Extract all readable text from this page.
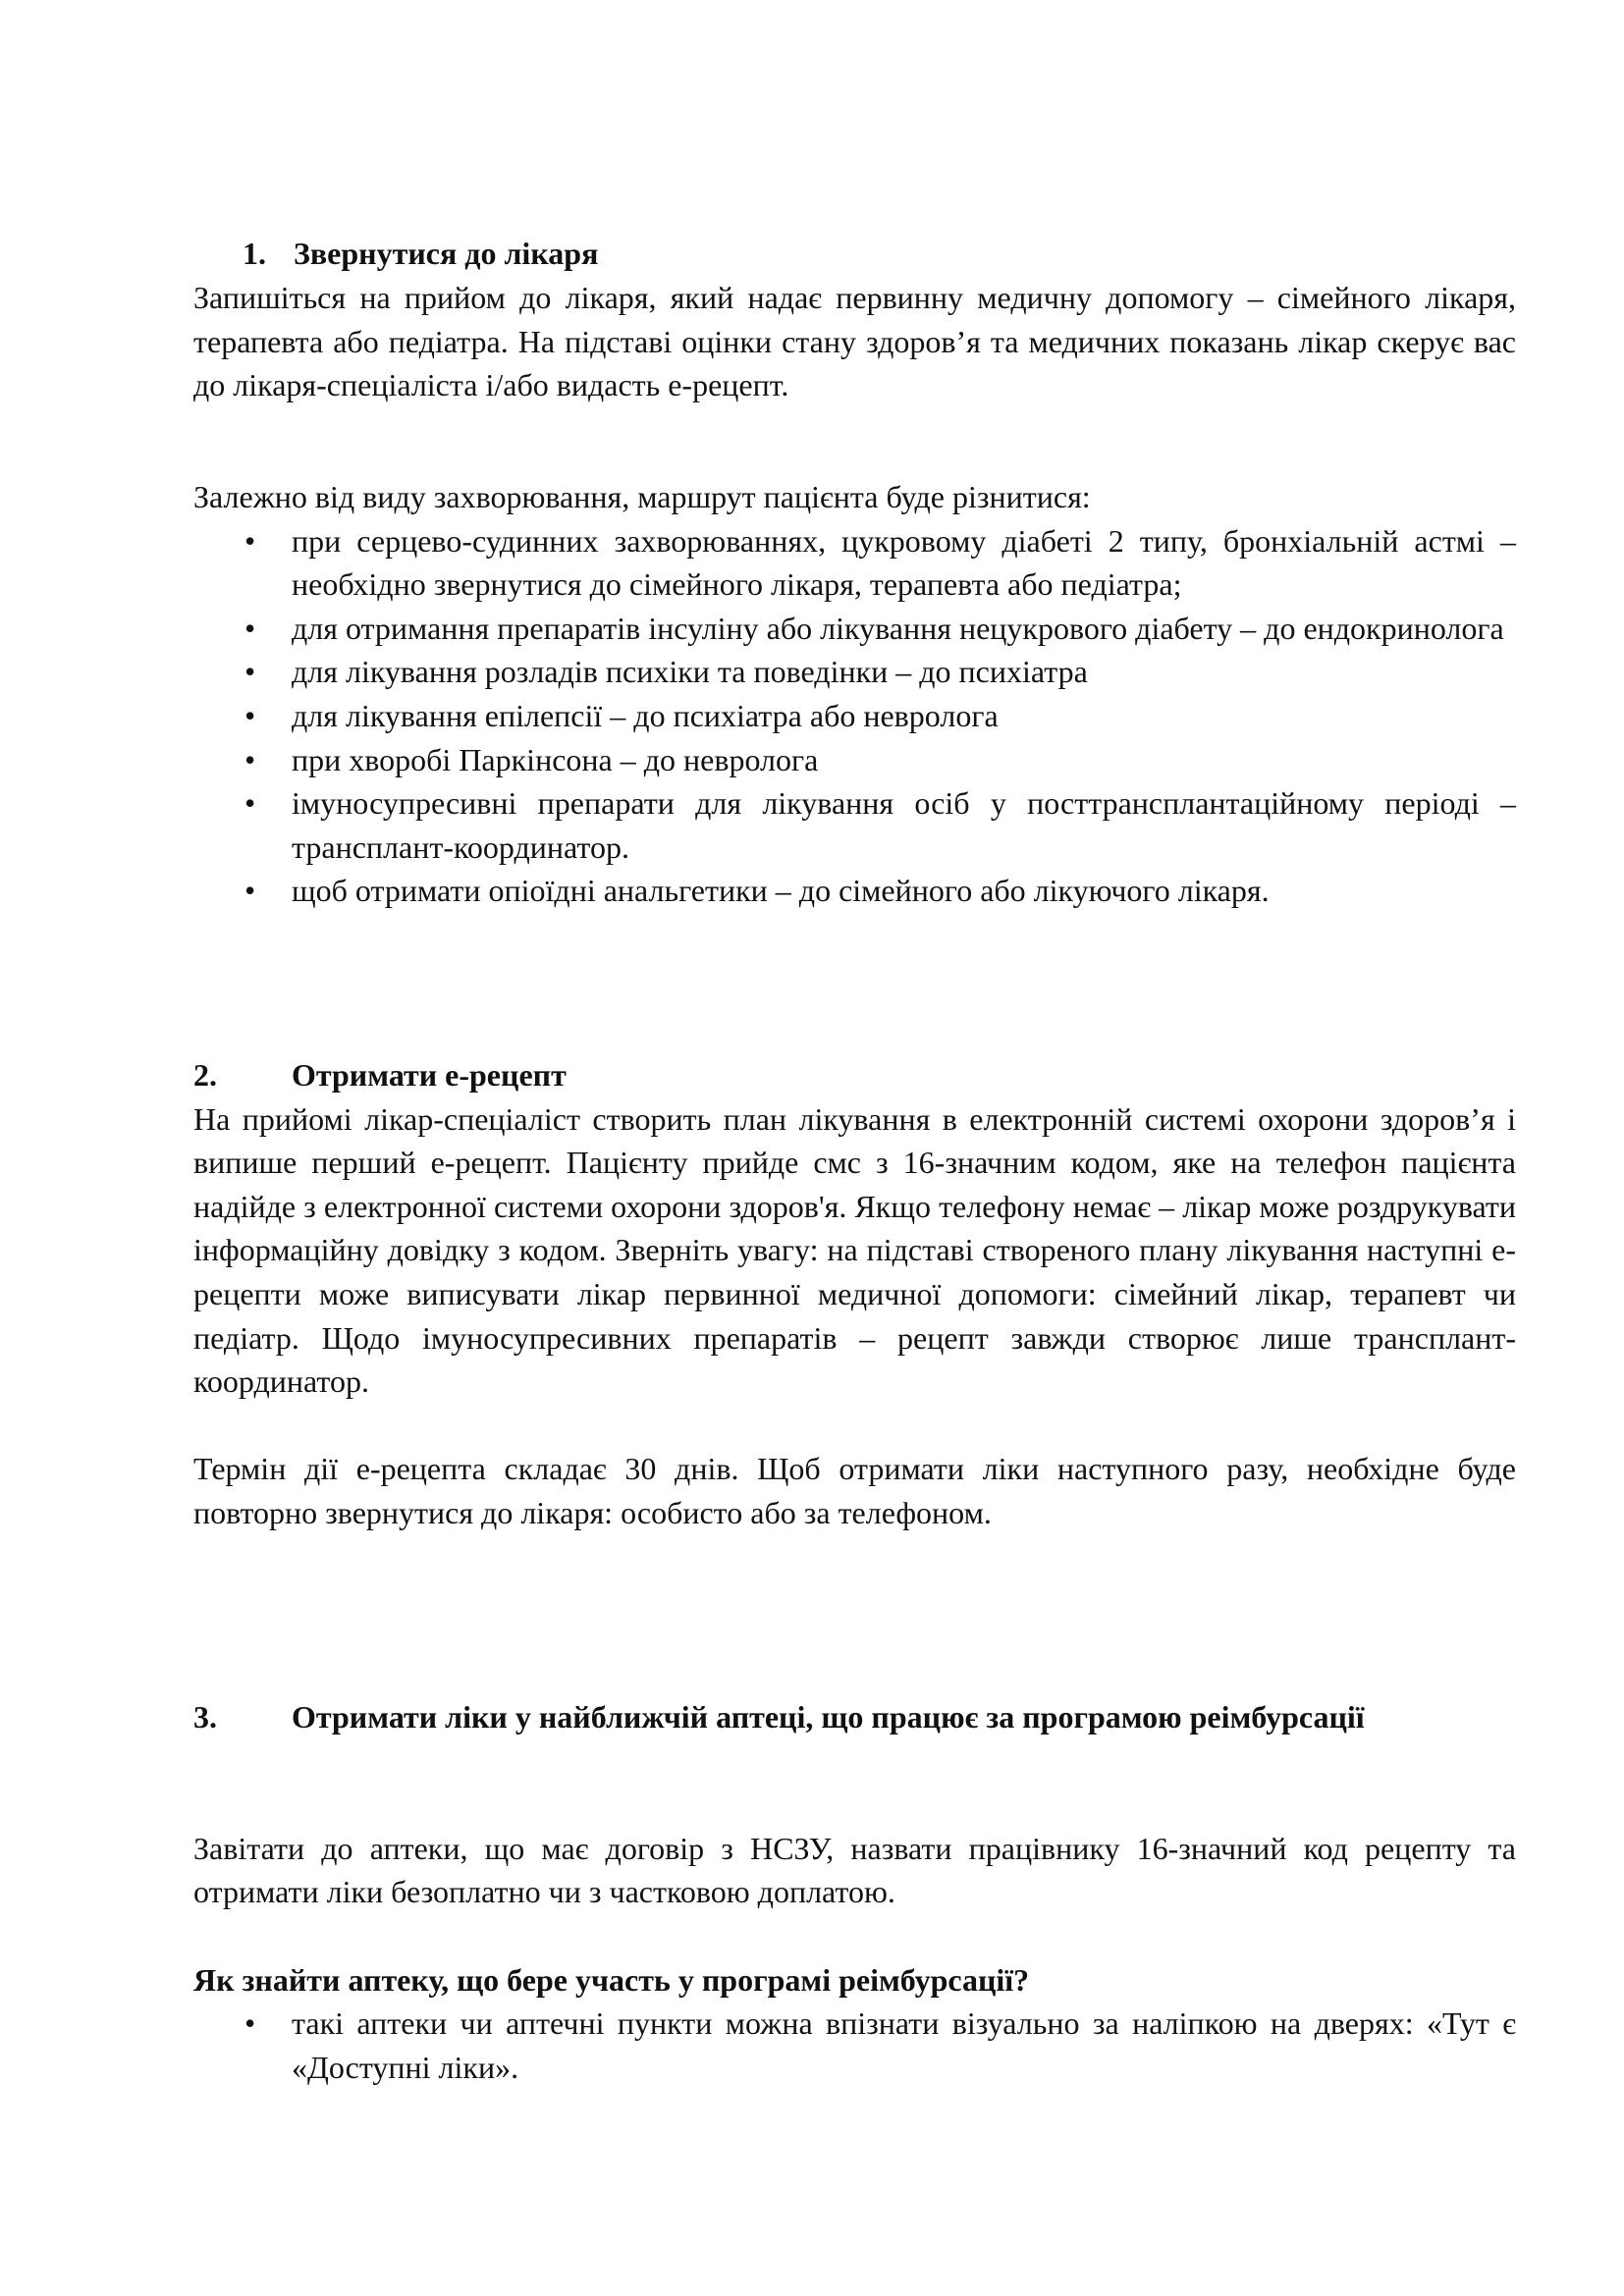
1. Звернутися до лікаря
Запишіться на прийом до лікаря, який надає первинну медичну допомогу – сімейного лікаря, терапевта або педіатра. На підставі оцінки стану здоров’я та медичних показань лікар скерує вас до лікаря-спеціаліста і/або видасть е-рецепт.
Залежно від виду захворювання, маршрут пацієнта буде різнитися:
• при серцево-судинних захворюваннях, цукровому діабеті 2 типу, бронхіальній астмі – необхідно звернутися до сімейного лікаря, терапевта або педіатра;
• для отримання препаратів інсуліну або лікування нецукрового діабету – до ендокринолога
• для лікування розладів психіки та поведінки – до психіатра
• для лікування епілепсії – до психіатра або невролога
• при хворобі Паркінсона – до невролога
• імуносупресивні препарати для лікування осіб у посттрансплантаційному періоді – трансплант-координатор.
• щоб отримати опіоїдні анальгетики – до сімейного або лікуючого лікаря.
2. Отримати е-рецепт
На прийомі лікар-спеціаліст створить план лікування в електронній системі охорони здоров’я і випише перший е-рецепт. Пацієнту прийде смс з 16-значним кодом, яке на телефон пацієнта надійде з електронної системи охорони здоров'я. Якщо телефону немає – лікар може роздрукувати інформаційну довідку з кодом. Зверніть увагу: на підставі створеного плану лікування наступні е-рецепти може виписувати лікар первинної медичної допомоги: сімейний лікар, терапевт чи педіатр. Щодо імуносупресивних препаратів – рецепт завжди створює лише трансплант-координатор.
Термін дії е-рецепта складає 30 днів. Щоб отримати ліки наступного разу, необхідне буде повторно звернутися до лікаря: особисто або за телефоном.
3. Отримати ліки у найближчій аптеці, що працює за програмою реімбурсації
Завітати до аптеки, що має договір з НСЗУ, назвати працівнику 16-значний код рецепту та отримати ліки безоплатно чи з частковою доплатою.
Як знайти аптеку, що бере участь у програмі реімбурсації?
• такі аптеки чи аптечні пункти можна впізнати візуально за наліпкою на дверях: «Тут є «Доступні ліки».
